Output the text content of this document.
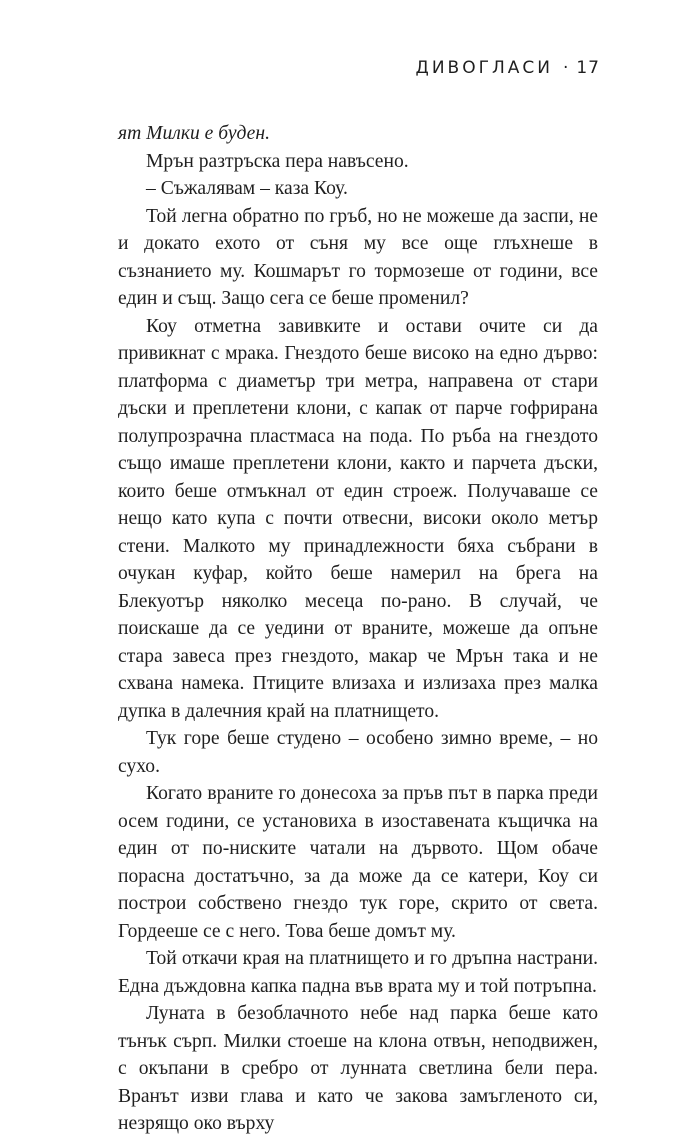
ДИВОГЛАСИ · 17

ят Милки е буден.

Мрън разтръска пера навъсено.

– Съжалявам – каза Коу.

Той легна обратно по гръб, но не можеше да заспи, не и докато ехото от съня му все още глъхнеше в съзнанието му. Кошмарът го тормозеше от години, все един и същ. Защо сега се беше променил?

Коу отметна завивките и остави очите си да привикнат с мрака. Гнездото беше високо на едно дърво: платформа с диаметър три метра, направена от стари дъски и преплетени клони, с капак от парче гофрирана полупрозрачна пластмаса на пода. По ръба на гнездото също имаше преплетени клони, както и парчета дъски, които беше отмъкнал от един строеж. Получаваше се нещо като купа с почти отвесни, високи около метър стени. Малкото му принадлежности бяха събрани в очукан куфар, който беше намерил на брега на Блекуотър няколко месеца по-рано. В случай, че поискаше да се уедини от враните, можеше да опъне стара завеса през гнездото, макар че Мрън така и не схвана намека. Птиците влизаха и излизаха през малка дупка в далечния край на платнището.

Тук горе беше студено – особено зимно време, – но сухо.

Когато враните го донесоха за пръв път в парка преди осем години, се установиха в изоставената къщичка на един от по-ниските чатали на дървото. Щом обаче порасна достатъчно, за да може да се катери, Коу си построи собствено гнездо тук горе, скрито от света. Гордееше се с него. Това беше домът му.

Той откачи края на платнището и го дръпна настрани. Една дъждовна капка падна във врата му и той потръпна.

Луната в безоблачното небе над парка беше като тънък сърп. Милки стоеше на клона отвън, неподвижен, с окъпани в сребро от лунната светлина бели пера. Вранът изви глава и като че закова замъгленото си, незрящо око върху
